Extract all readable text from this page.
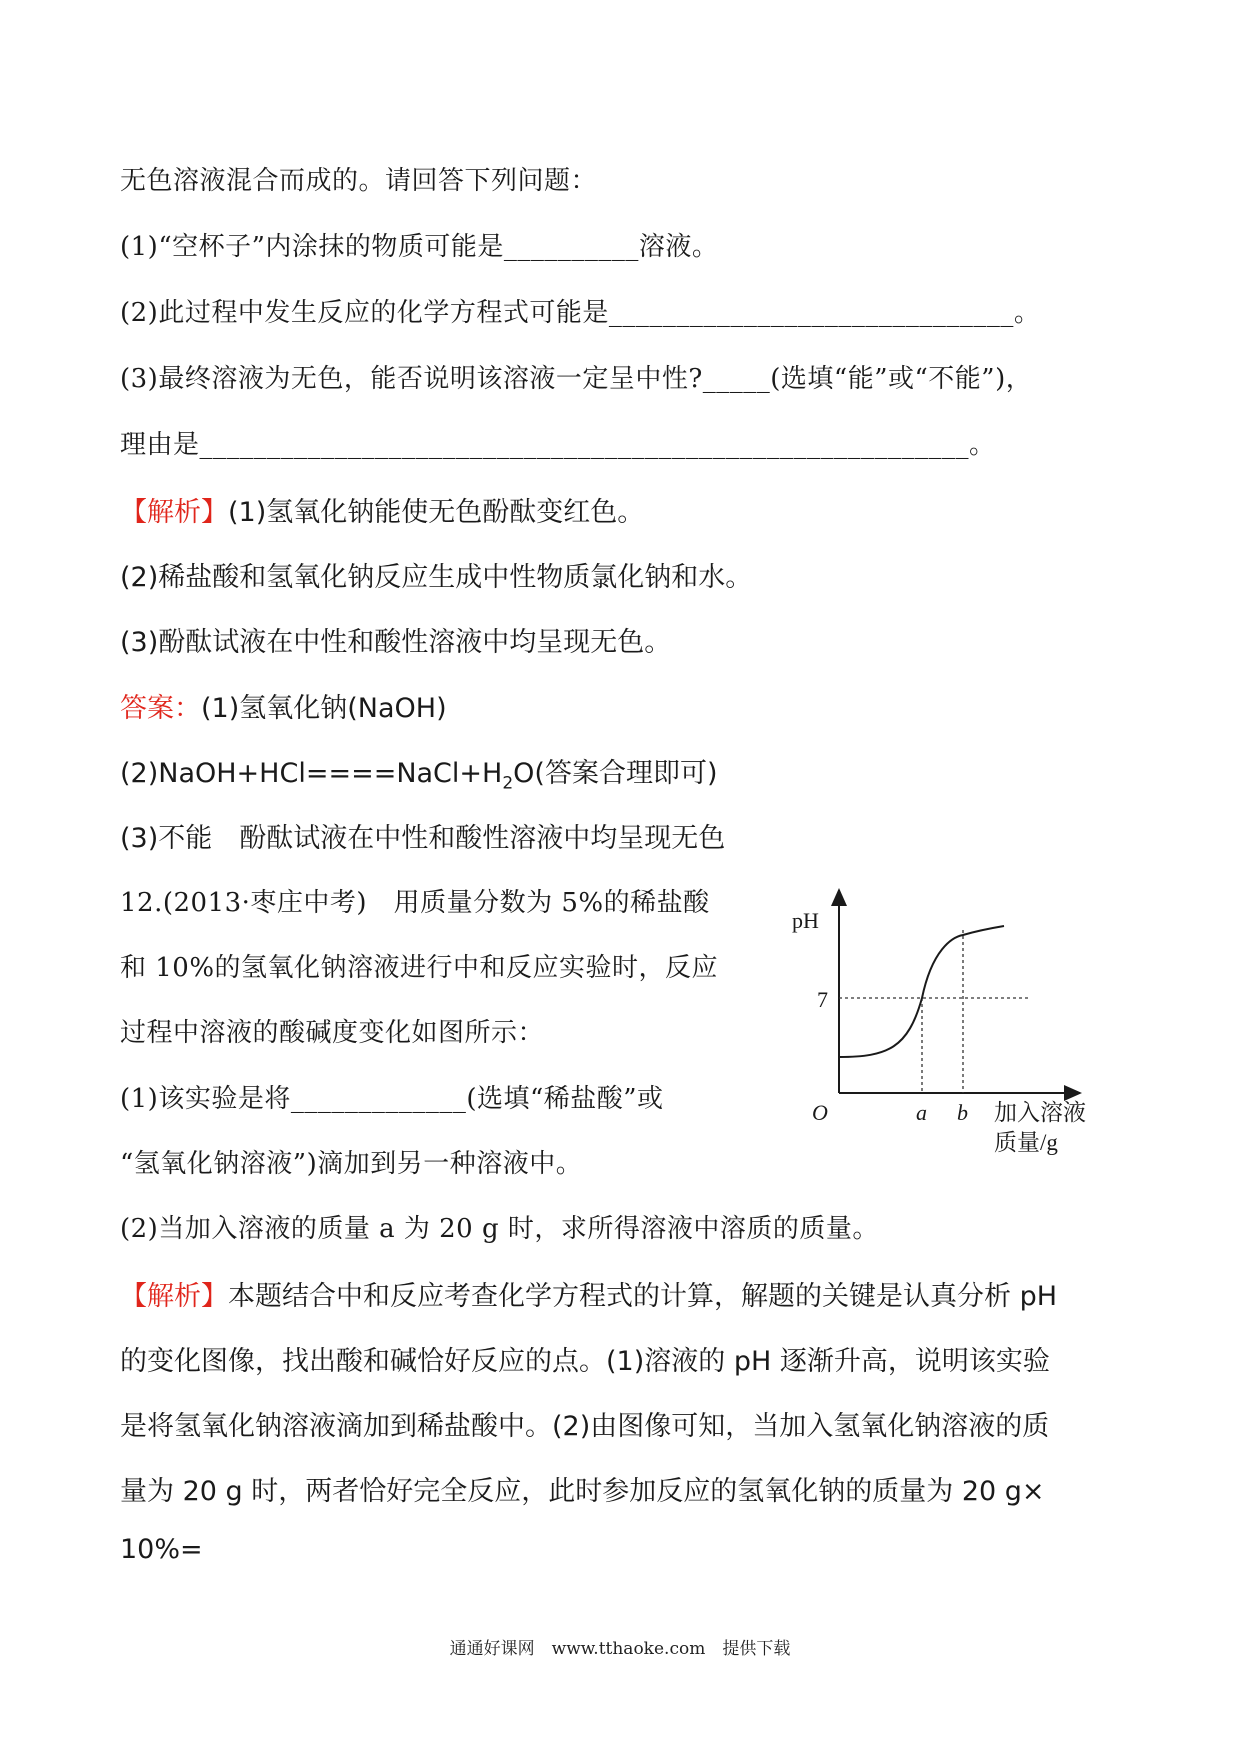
无色溶液混合而成的。请回答下列问题：
(1)“空杯子”内涂抹的物质可能是__________溶液。
(2)此过程中发生反应的化学方程式可能是______________________________。
(3)最终溶液为无色，能否说明该溶液一定呈中性?_____(选填“能”或“不能”)，
理由是_________________________________________________________。
【解析】(1)氢氧化钠能使无色酚酞变红色。
(2)稀盐酸和氢氧化钠反应生成中性物质氯化钠和水。
(3)酚酞试液在中性和酸性溶液中均呈现无色。
答案：(1)氢氧化钠(NaOH)
$(2)NaOH+HCl====NaCl+H_2O$(答案合理即可)
(3)不能　酚酞试液在中性和酸性溶液中均呈现无色
12.(2013·枣庄中考)　用质量分数为 5%的稀盐酸
和 10%的氢氧化钠溶液进行中和反应实验时，反应
过程中溶液的酸碱度变化如图所示：
(1)该实验是将_____________(选填“稀盐酸”或
“氢氧化钠溶液”)滴加到另一种溶液中。
(2)当加入溶液的质量 a 为 20 g 时，求所得溶液中溶质的质量。
【解析】本题结合中和反应考查化学方程式的计算，解题的关键是认真分析 pH
的变化图像，找出酸和碱恰好反应的点。(1)溶液的 pH 逐渐升高，说明该实验
是将氢氧化钠溶液滴加到稀盐酸中。(2)由图像可知，当加入氢氧化钠溶液的质
量为 20 g 时，两者恰好完全反应，此时参加反应的氢氧化钠的质量为 20 g×
10%=
pH
7
O	a b 加入溶液
质量/g
通通好课网　www.tthaoke.com　提供下载
